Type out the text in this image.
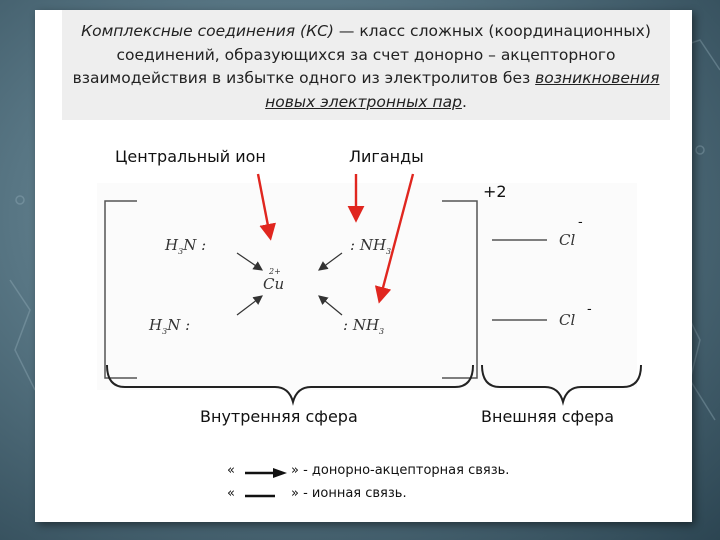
Комплексные соединения (КС) — класс сложных (координационных) соединений, образующихся за счет донорно – акцепторного взаимодействия в избытке одного из электролитов без возникновения новых электронных пар.
Центральный ион	Лиганды
$H_3N$ :	: $NH_3$
$H_3N$ :	: $NH_3$
2+
Cu
Cl
Cl
+2
-
-
Внутренняя сфера	Внешняя сфера
«	» - донорно-акцепторная связь.
«	» - ионная связь.
